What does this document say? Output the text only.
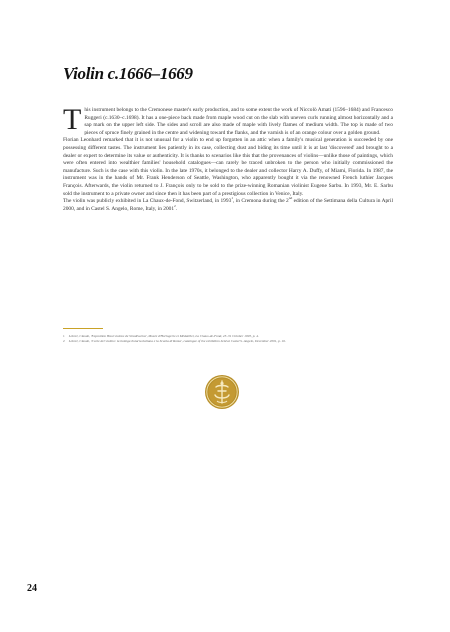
Violin c.1666–1669

This instrument belongs to the Cremonese master's early production, and to some extent the work of Niccolò Amati (1596–1684) and Francesco Ruggeri (c.1630–c.1698). It has a one-piece back made from maple wood cut on the slab with uneven curls running almost horizontally and a sap mark on the upper left side. The sides and scroll are also made of maple with lively flames of medium width. The top is made of two pieces of spruce finely grained in the centre and widening toward the flanks, and the varnish is of an orange colour over a golden ground.

Florian Leonhard remarked that it is not unusual for a violin to end up forgotten in an attic when a family's musical generation is succeeded by one possessing different tastes. The instrument lies patiently in its case, collecting dust and biding its time until it is at last 'discovered' and brought to a dealer or expert to determine its value or authenticity. It is thanks to scenarios like this that the provenances of violins—unlike those of paintings, which were often entered into wealthier families' household catalogues—can rarely be traced unbroken to the person who initially commissioned the manufacture. Such is the case with this violin. In the late 1970s, it belonged to the dealer and collector Harry A. Duffy, of Miami, Florida. In 1987, the instrument was in the hands of Mr. Frank Henderson of Seattle, Washington, who apparently bought it via the renowned French luthier Jacques François. Afterwards, the violin returned to J. François only to be sold to the prize-winning Romanian violinist Eugene Sarbu. In 1993, Mr. E. Sarbu sold the instrument to a private owner and since then it has been part of a prestigious collection in Venice, Italy.

The violin was publicly exhibited in La Chaux-de-Fond, Switzerland, in 1993$^1$, in Cremona during the 2nd edition of the Settimana della Cultura in April 2000, and in Castel S. Angelo, Rome, Italy, in 2001$^2$.

1 Lohrer, Claude, 'Exposition Haut violons de Stradivarius', Musée d'Horlogerie et Médaillier, La Chaux-de-Fond, 23–31 October 1993, p. 4.
2 Lohrer, Claude, 'L'arte del violino: la bottega liutaria italiana e la Scuola di Roma', catalogue of the exhibition held at Castel S. Angelo, December 2001, p. 16.
24
